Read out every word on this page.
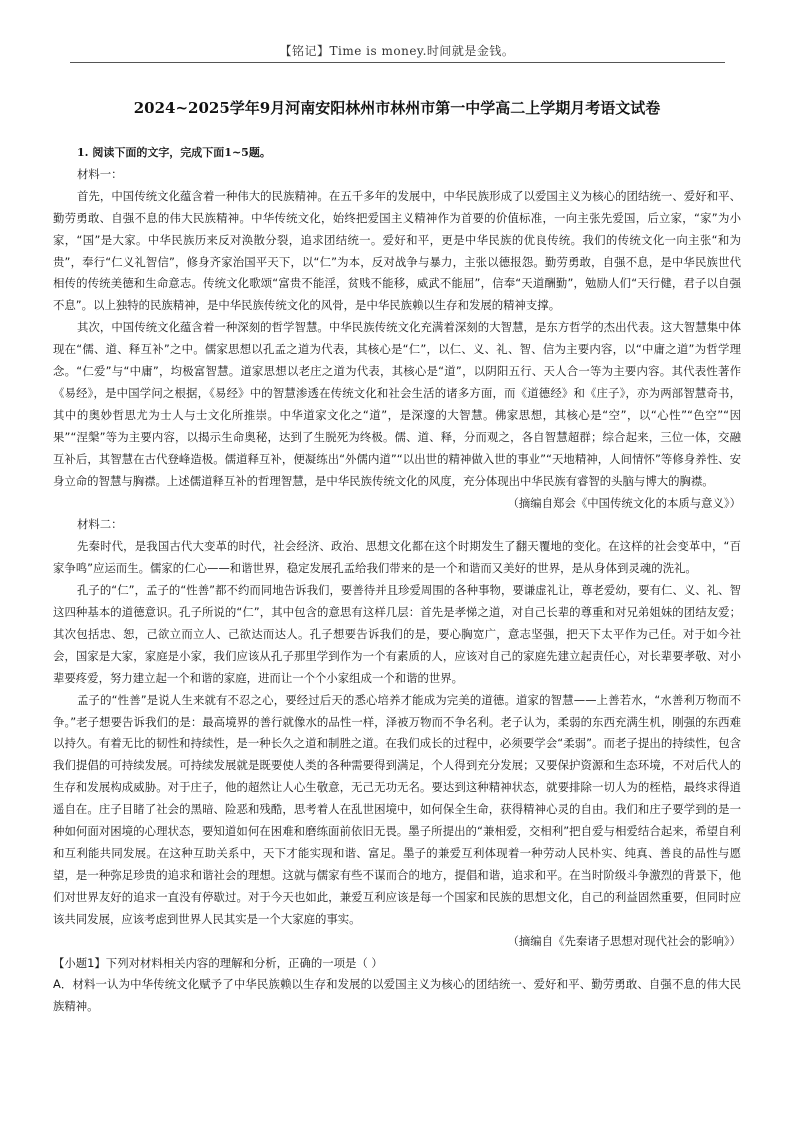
【铭记】Time is money.时间就是金钱。
2024~2025学年9月河南安阳林州市林州市第一中学高二上学期月考语文试卷

1. 阅读下面的文字，完成下面1~5题。

材料一：

首先，中国传统文化蕴含着一种伟大的民族精神。在五千多年的发展中，中华民族形成了以爱国主义为核心的团结统一、爱好和平、勤劳勇敢、自强不息的伟大民族精神。中华传统文化，始终把爱国主义精神作为首要的价值标准，一向主张先爱国，后立家，“家”为小家，“国”是大家。中华民族历来反对涣散分裂，追求团结统一。爱好和平，更是中华民族的优良传统。我们的传统文化一向主张“和为贵”，奉行“仁义礼智信”，修身齐家治国平天下，以“仁”为本，反对战争与暴力，主张以德报怨。勤劳勇敢，自强不息，是中华民族世代相传的传统美德和生命意志。传统文化歌颂“富贵不能淫，贫贱不能移，威武不能屈”，信奉“天道酬勤”，勉励人们“天行健，君子以自强不息”。以上独特的民族精神，是中华民族传统文化的风骨，是中华民族赖以生存和发展的精神支撑。

其次，中国传统文化蕴含着一种深刻的哲学智慧。中华民族传统文化充满着深刻的大智慧，是东方哲学的杰出代表。这大智慧集中体现在“儒、道、释互补”之中。儒家思想以孔孟之道为代表，其核心是“仁”，以仁、义、礼、智、信为主要内容，以“中庸之道”为哲学理念。“仁爱”与“中庸”，均极富智慧。道家思想以老庄之道为代表，其核心是“道”，以阴阳五行、天人合一等为主要内容。其代表性著作《易经》，是中国学问之根据，《易经》中的智慧渗透在传统文化和社会生活的诸多方面，而《道德经》和《庄子》，亦为两部智慧奇书，其中的奥妙哲思尤为士人与士文化所推崇。中华道家文化之“道”，是深邃的大智慧。佛家思想，其核心是“空”，以“心性”“色空”“因果”“涅槃”等为主要内容，以揭示生命奥秘，达到了生脱死为终极。儒、道、释，分而观之，各自智慧超群；综合起来，三位一体，交融互补后，其智慧在古代登峰造极。儒道释互补，便凝练出“外儒内道”“以出世的精神做入世的事业”“天地精神，人间情怀”等修身养性、安身立命的智慧与胸襟。上述儒道释互补的哲理智慧，是中华民族传统文化的风度，充分体现出中华民族有睿智的头脑与博大的胸襟。

（摘编自郑会《中国传统文化的本质与意义》）

材料二：

先秦时代，是我国古代大变革的时代，社会经济、政治、思想文化都在这个时期发生了翻天覆地的变化。在这样的社会变革中，“百家争鸣”应运而生。儒家的仁心——和谐世界，稳定发展孔孟给我们带来的是一个和谐而又美好的世界，是从身体到灵魂的洗礼。

孔子的“仁”，孟子的“性善”都不约而同地告诉我们，要善待并且珍爱周围的各种事物，要谦虚礼让，尊老爱幼，要有仁、义、礼、智这四种基本的道德意识。孔子所说的“仁”，其中包含的意思有这样几层：首先是孝悌之道，对自己长辈的尊重和对兄弟姐妹的团结友爱；其次包括忠、恕，己欲立而立人、己欲达而达人。孔子想要告诉我们的是，要心胸宽广，意志坚强，把天下太平作为己任。对于如今社会，国家是大家，家庭是小家，我们应该从孔子那里学到作为一个有素质的人，应该对自己的家庭先建立起责任心，对长辈要孝敬、对小辈要疼爱，努力建立起一个和谐的家庭，进而让一个个小家组成一个和谐的世界。

孟子的“性善”是说人生来就有不忍之心，要经过后天的悉心培养才能成为完美的道德。道家的智慧——上善若水，“水善利万物而不争。”老子想要告诉我们的是：最高境界的善行就像水的品性一样，泽被万物而不争名利。老子认为，柔弱的东西充满生机，刚强的东西难以持久。有着无比的韧性和持续性，是一种长久之道和制胜之道。在我们成长的过程中，必须要学会“柔弱”。而老子提出的持续性，包含我们提倡的可持续发展。可持续发展就是既要使人类的各种需要得到满足，个人得到充分发展；又要保护资源和生态环境，不对后代人的生存和发展构成威胁。对于庄子，他的超然让人心生敬意，无己无功无名。要达到这种精神状态，就要排除一切人为的桎梏，最终求得逍遥自在。庄子目睹了社会的黑暗、险恶和残酷，思考着人在乱世困境中，如何保全生命，获得精神心灵的自由。我们和庄子要学到的是一种如何面对困境的心理状态，要知道如何在困难和磨练面前依旧无畏。墨子所提出的“兼相爱，交相利”把自爱与相爱结合起来，希望自利和互利能共同发展。在这种互助关系中，天下才能实现和谐、富足。墨子的兼爱互利体现着一种劳动人民朴实、纯真、善良的品性与愿望，是一种弥足珍贵的追求和谐社会的理想。这就与儒家有些不谋而合的地方，提倡和谐，追求和平。在当时阶级斗争激烈的背景下，他们对世界友好的追求一直没有停歇过。对于今天也如此，兼爱互利应该是每一个国家和民族的思想文化，自己的利益固然重要，但同时应该共同发展，应该考虑到世界人民其实是一个大家庭的事实。

（摘编自《先秦诸子思想对现代社会的影响》）

【小题1】下列对材料相关内容的理解和分析，正确的一项是（ ）

A．材料一认为中华传统文化赋予了中华民族赖以生存和发展的以爱国主义为核心的团结统一、爱好和平、勤劳勇敢、自强不息的伟大民族精神。
